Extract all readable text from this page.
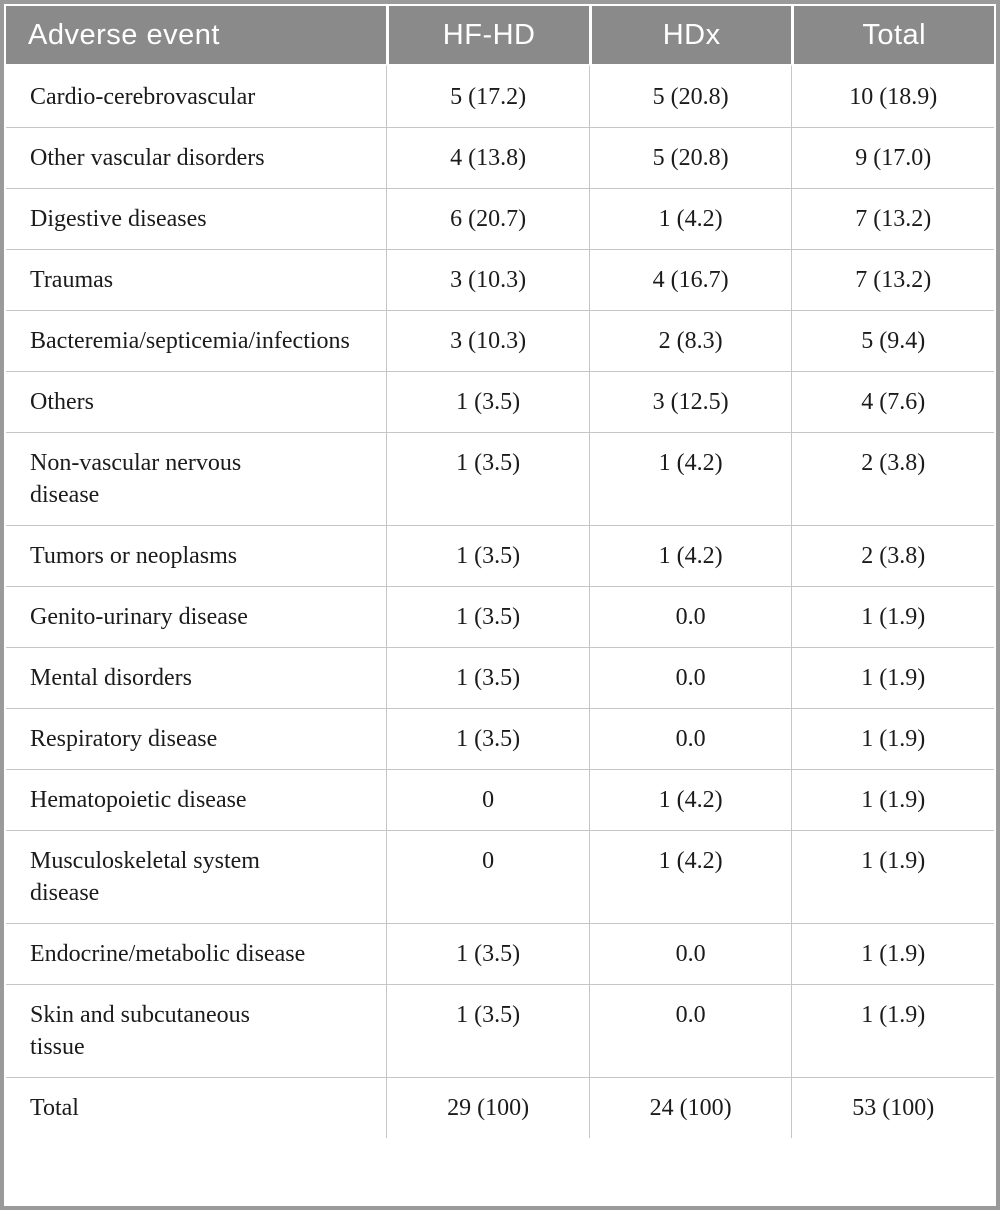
Adverse event	HF-HD	HDx	Total
Cardio-cerebrovascular	5 (17.2)	5 (20.8)	10 (18.9)
Other vascular disorders	4 (13.8)	5 (20.8)	9 (17.0)
Digestive diseases	6 (20.7)	1 (4.2)	7 (13.2)
Traumas	3 (10.3)	4 (16.7)	7 (13.2)
Bacteremia/septicemia/infections	3 (10.3)	2 (8.3)	5 (9.4)
Others	1 (3.5)	3 (12.5)	4 (7.6)
Non-vascular nervous disease	1 (3.5)	1 (4.2)	2 (3.8)
Tumors or neoplasms	1 (3.5)	1 (4.2)	2 (3.8)
Genito-urinary disease	1 (3.5)	0.0	1 (1.9)
Mental disorders	1 (3.5)	0.0	1 (1.9)
Respiratory disease	1 (3.5)	0.0	1 (1.9)
Hematopoietic disease	0	1 (4.2)	1 (1.9)
Musculoskeletal system disease	0	1 (4.2)	1 (1.9)
Endocrine/metabolic disease	1 (3.5)	0.0	1 (1.9)
Skin and subcutaneous tissue	1 (3.5)	0.0	1 (1.9)
Total	29 (100)	24 (100)	53 (100)
